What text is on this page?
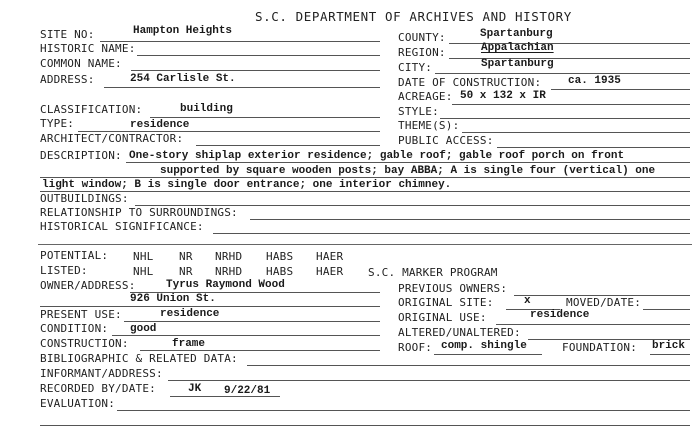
S.C. DEPARTMENT OF ARCHIVES AND HISTORY
SITE NO:	Hampton Heights
HISTORIC NAME:
COMMON NAME:
ADDRESS:	254 Carlisle St.
COUNTY:	Spartanburg
REGION:	Appalachian
CITY:	Spartanburg
DATE OF CONSTRUCTION: ca. 1935
ACREAGE: 50 x 132 x IR
CLASSIFICATION:	building
TYPE:	residence
ARCHITECT/CONTRACTOR:
STYLE:
THEME(S):
PUBLIC ACCESS:
DESCRIPTION: One-story shiplap exterior residence; gable roof; gable roof porch on front
supported by square wooden posts; bay ABBA; A is single four (vertical) one
light window; B is single door entrance; one interior chimney.
OUTBUILDINGS:
RELATIONSHIP TO SURROUNDINGS:
HISTORICAL SIGNIFICANCE:
POTENTIAL: NHL NR NRHD HABS HAER
LISTED:	NHL NR NRHD HABS HAER S.C. MARKER PROGRAM
OWNER/ADDRESS:	Tyrus Raymond Wood
926 Union St.
PREVIOUS OWNERS:
PRESENT USE:	residence
ORIGINAL SITE:	x	MOVED/DATE:
ORIGINAL USE:	residence
CONDITION: good	ALTERED/UNALTERED:
CONSTRUCTION:	frame	ROOF: comp. shingle	FOUNDATION: brick
BIBLIOGRAPHIC & RELATED DATA:
INFORMANT/ADDRESS:
RECORDED BY/DATE:	JK 9/22/81
EVALUATION:
